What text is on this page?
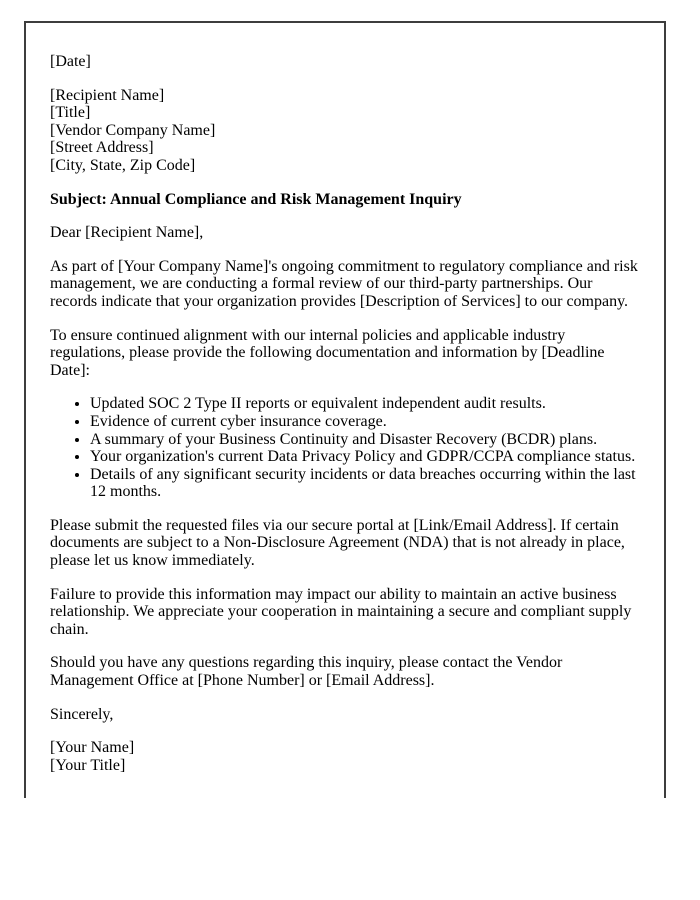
[Date]

[Recipient Name]
[Title]
[Vendor Company Name]
[Street Address]
[City, State, Zip Code]

Subject: Annual Compliance and Risk Management Inquiry

Dear [Recipient Name],

As part of [Your Company Name]'s ongoing commitment to regulatory compliance and risk management, we are conducting a formal review of our third-party partnerships. Our records indicate that your organization provides [Description of Services] to our company.

To ensure continued alignment with our internal policies and applicable industry regulations, please provide the following documentation and information by [Deadline Date]:

• Updated SOC 2 Type II reports or equivalent independent audit results.
• Evidence of current cyber insurance coverage.
• A summary of your Business Continuity and Disaster Recovery (BCDR) plans.
• Your organization's current Data Privacy Policy and GDPR/CCPA compliance status.
• Details of any significant security incidents or data breaches occurring within the last 12 months.

Please submit the requested files via our secure portal at [Link/Email Address]. If certain documents are subject to a Non-Disclosure Agreement (NDA) that is not already in place, please let us know immediately.

Failure to provide this information may impact our ability to maintain an active business relationship. We appreciate your cooperation in maintaining a secure and compliant supply chain.

Should you have any questions regarding this inquiry, please contact the Vendor Management Office at [Phone Number] or [Email Address].

Sincerely,

[Your Name]
[Your Title]
